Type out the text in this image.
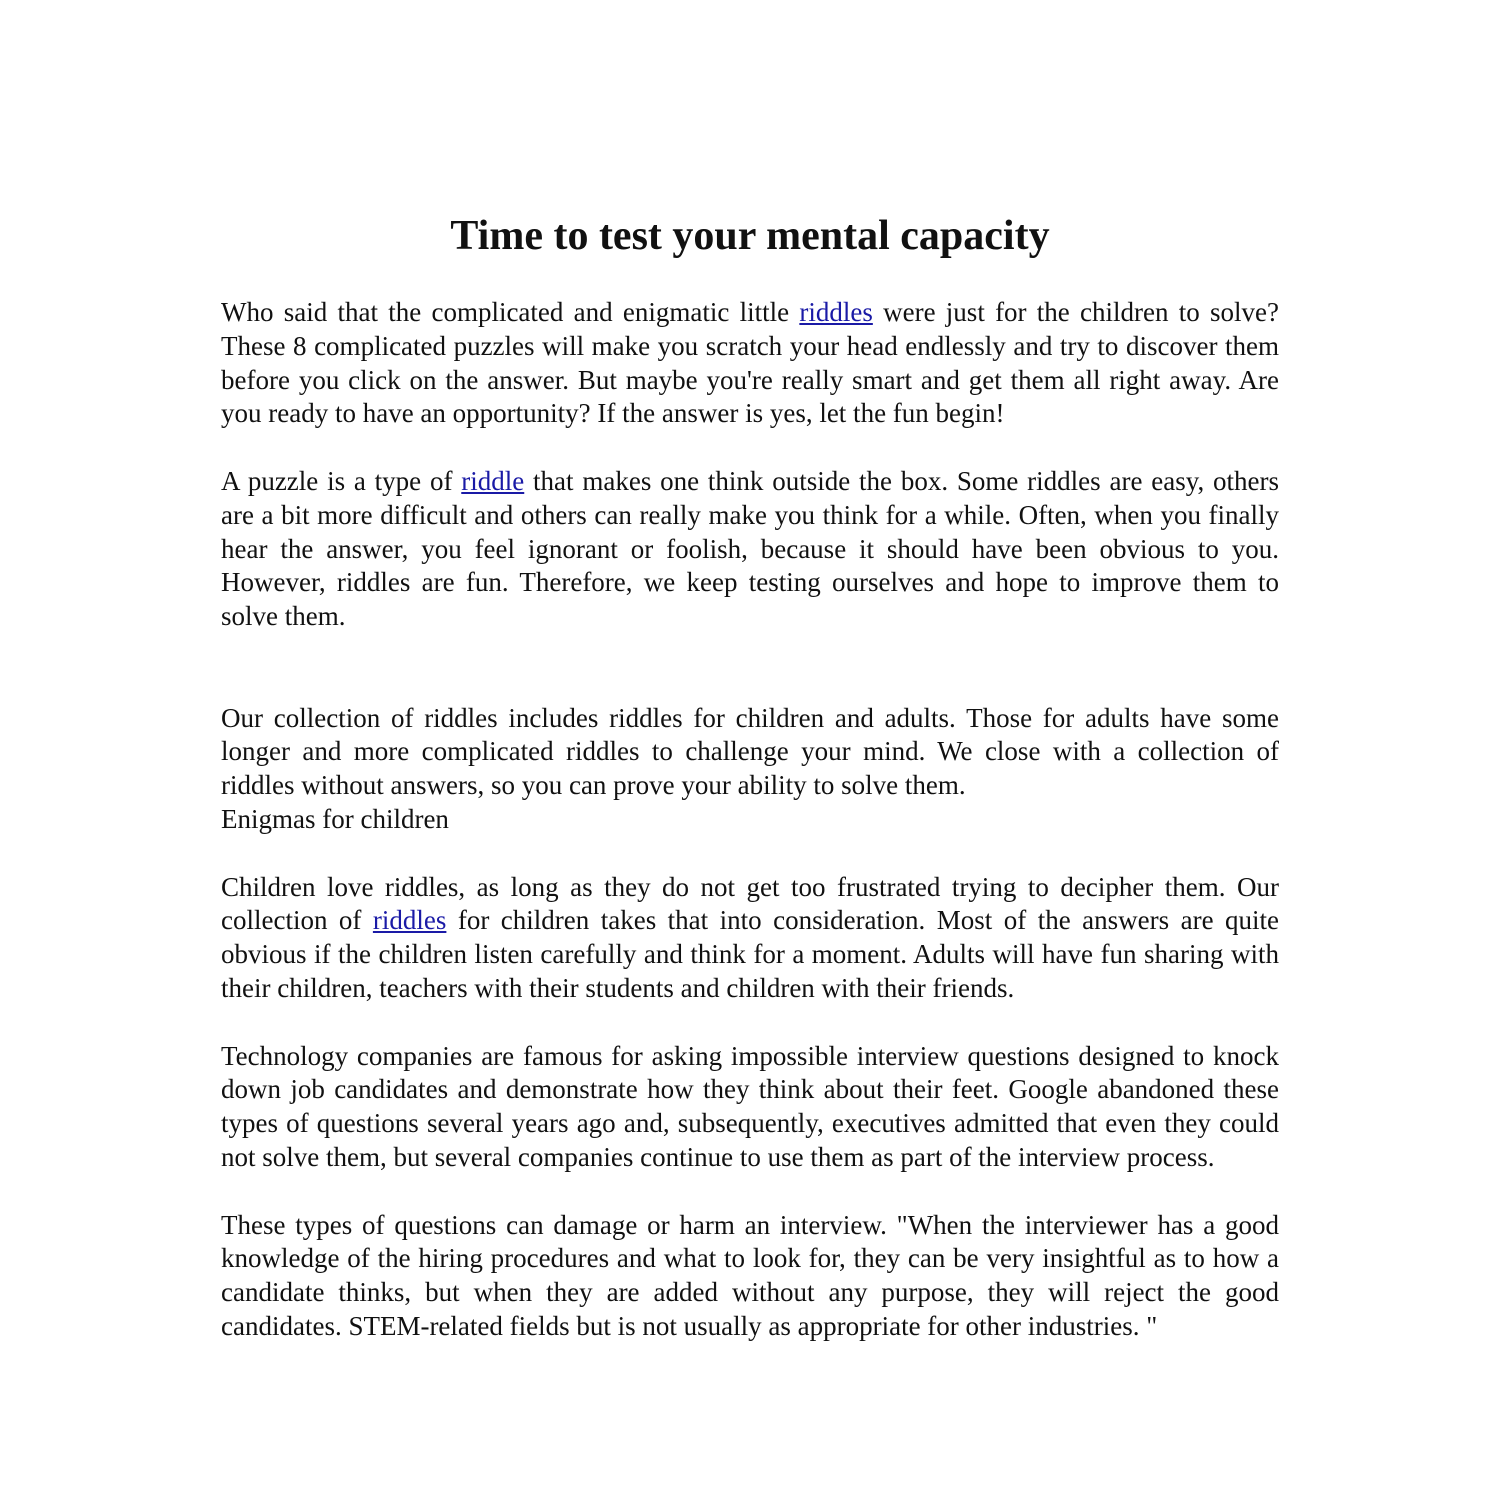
Time to test your mental capacity

Who said that the complicated and enigmatic little riddles were just for the children to solve? These 8 complicated puzzles will make you scratch your head endlessly and try to discover them before you click on the answer. But maybe you're really smart and get them all right away. Are you ready to have an opportunity? If the answer is yes, let the fun begin!

A puzzle is a type of riddle that makes one think outside the box. Some riddles are easy, others are a bit more difficult and others can really make you think for a while. Often, when you finally hear the answer, you feel ignorant or foolish, because it should have been obvious to you. However, riddles are fun. Therefore, we keep testing ourselves and hope to improve them to solve them.

Our collection of riddles includes riddles for children and adults. Those for adults have some longer and more complicated riddles to challenge your mind. We close with a collection of riddles without answers, so you can prove your ability to solve them.

Enigmas for children

Children love riddles, as long as they do not get too frustrated trying to decipher them. Our collection of riddles for children takes that into consideration. Most of the answers are quite obvious if the children listen carefully and think for a moment. Adults will have fun sharing with their children, teachers with their students and children with their friends.

Technology companies are famous for asking impossible interview questions designed to knock down job candidates and demonstrate how they think about their feet. Google abandoned these types of questions several years ago and, subsequently, executives admitted that even they could not solve them, but several companies continue to use them as part of the interview process.

These types of questions can damage or harm an interview. "When the interviewer has a good knowledge of the hiring procedures and what to look for, they can be very insightful as to how a candidate thinks, but when they are added without any purpose, they will reject the good candidates. STEM-related fields but is not usually as appropriate for other industries. "
